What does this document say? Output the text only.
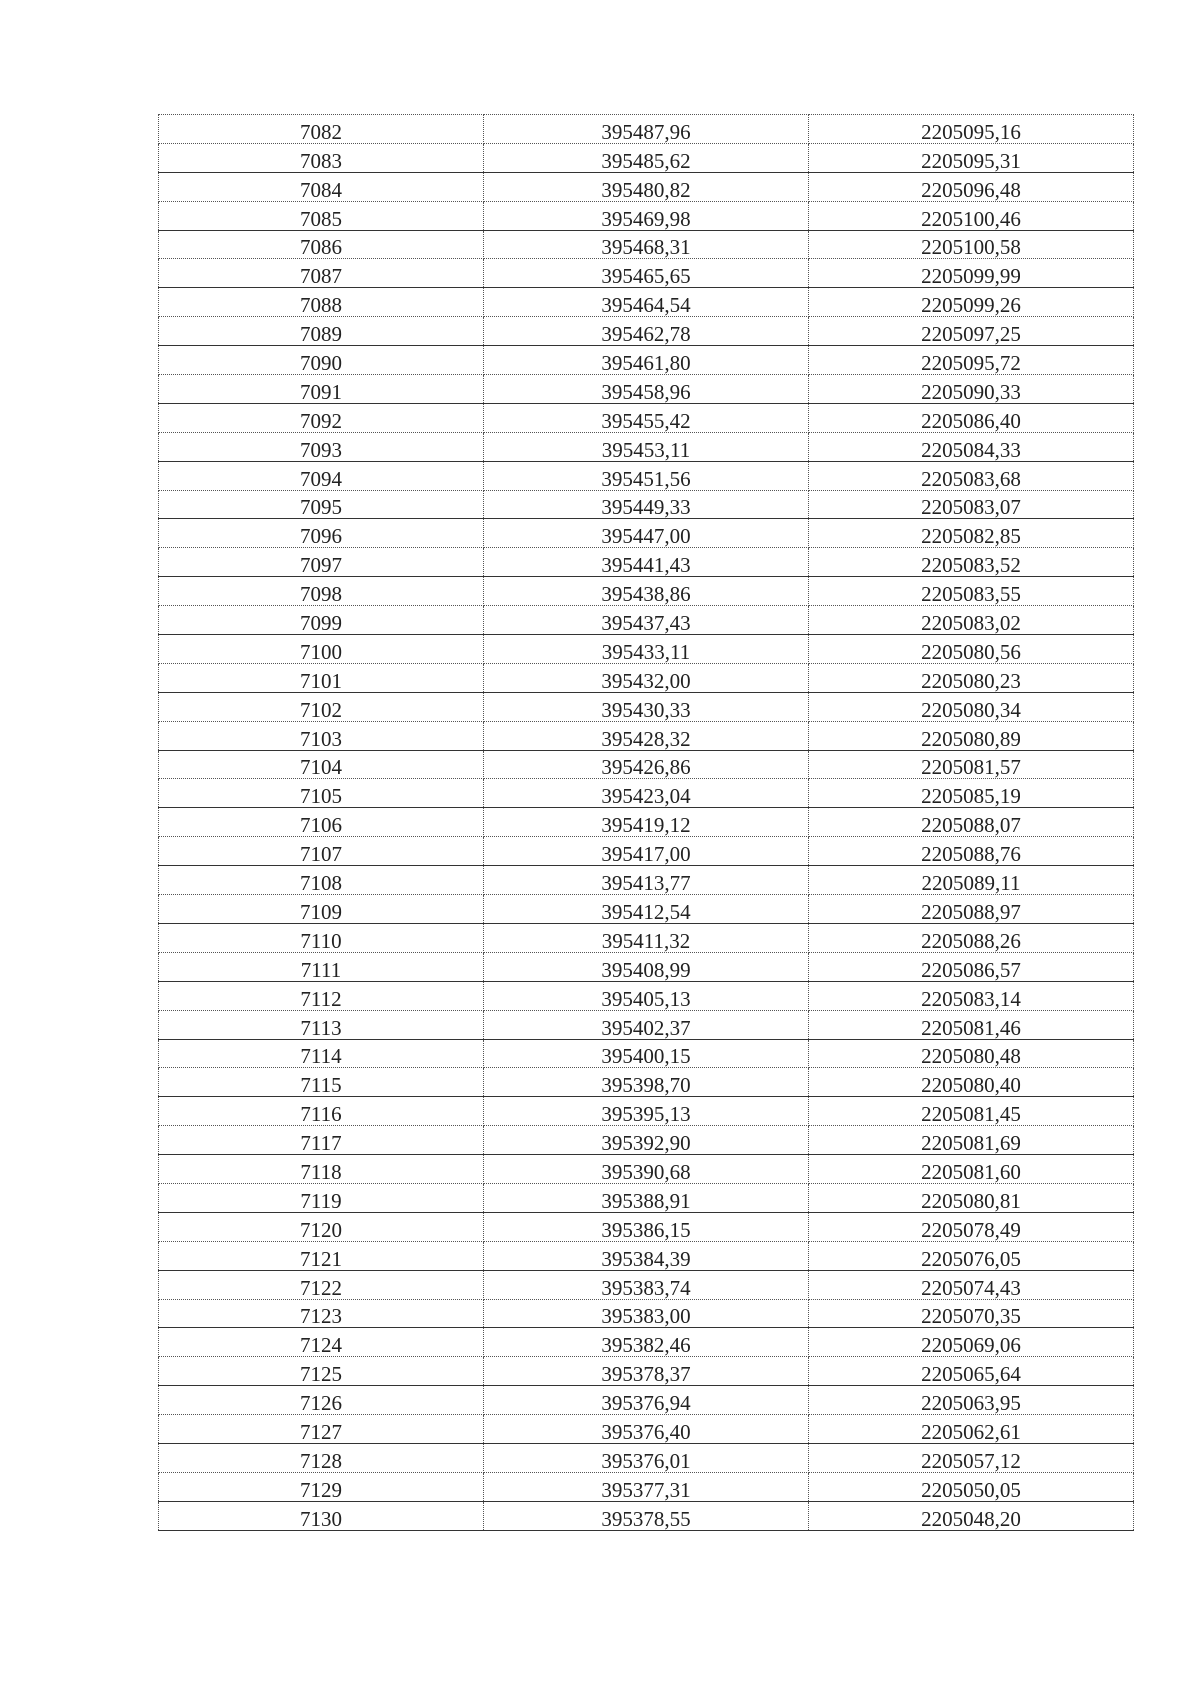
7082	395487,96	2205095,16
7083	395485,62	2205095,31
7084	395480,82	2205096,48
7085	395469,98	2205100,46
7086	395468,31	2205100,58
7087	395465,65	2205099,99
7088	395464,54	2205099,26
7089	395462,78	2205097,25
7090	395461,80	2205095,72
7091	395458,96	2205090,33
7092	395455,42	2205086,40
7093	395453,11	2205084,33
7094	395451,56	2205083,68
7095	395449,33	2205083,07
7096	395447,00	2205082,85
7097	395441,43	2205083,52
7098	395438,86	2205083,55
7099	395437,43	2205083,02
7100	395433,11	2205080,56
7101	395432,00	2205080,23
7102	395430,33	2205080,34
7103	395428,32	2205080,89
7104	395426,86	2205081,57
7105	395423,04	2205085,19
7106	395419,12	2205088,07
7107	395417,00	2205088,76
7108	395413,77	2205089,11
7109	395412,54	2205088,97
7110	395411,32	2205088,26
7111	395408,99	2205086,57
7112	395405,13	2205083,14
7113	395402,37	2205081,46
7114	395400,15	2205080,48
7115	395398,70	2205080,40
7116	395395,13	2205081,45
7117	395392,90	2205081,69
7118	395390,68	2205081,60
7119	395388,91	2205080,81
7120	395386,15	2205078,49
7121	395384,39	2205076,05
7122	395383,74	2205074,43
7123	395383,00	2205070,35
7124	395382,46	2205069,06
7125	395378,37	2205065,64
7126	395376,94	2205063,95
7127	395376,40	2205062,61
7128	395376,01	2205057,12
7129	395377,31	2205050,05
7130	395378,55	2205048,20
